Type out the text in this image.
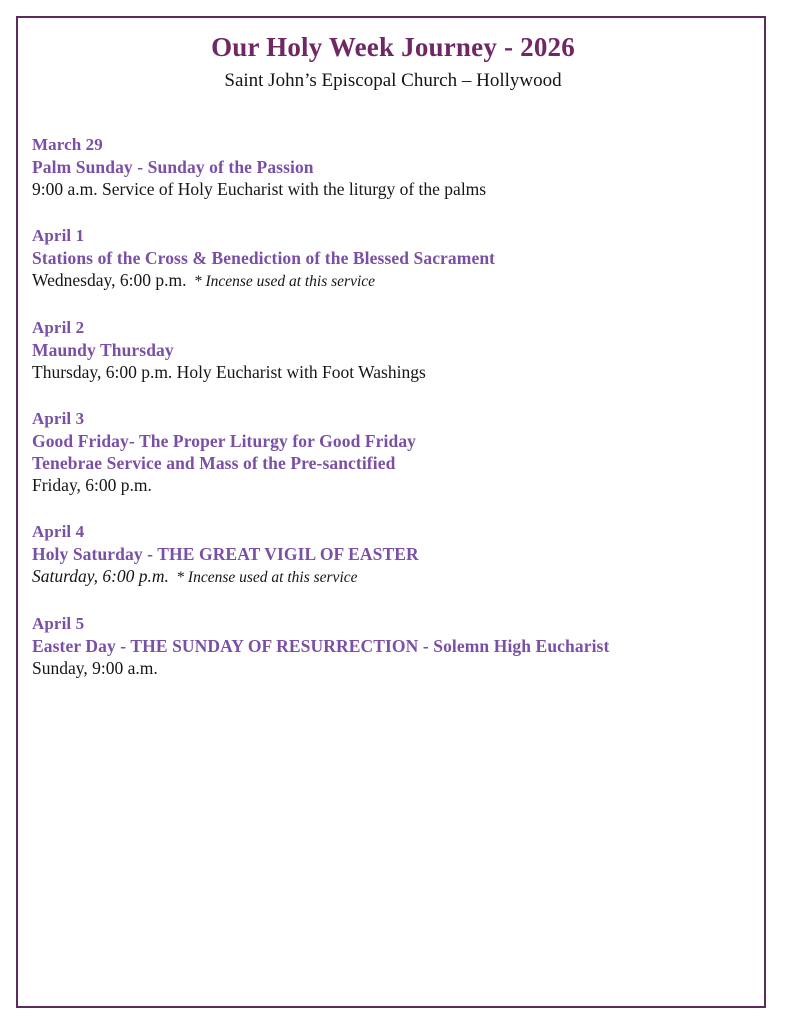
Our Holy Week Journey - 2026
Saint John’s Episcopal Church – Hollywood
March 29
Palm Sunday - Sunday of the Passion
9:00 a.m. Service of Holy Eucharist with the liturgy of the palms
April 1
Stations of the Cross & Benediction of the Blessed Sacrament
Wednesday, 6:00 p.m. * Incense used at this service
April 2
Maundy Thursday
Thursday, 6:00 p.m. Holy Eucharist with Foot Washings
April 3
Good Friday- The Proper Liturgy for Good Friday
Tenebrae Service and Mass of the Pre-sanctified
Friday, 6:00 p.m.
April 4
Holy Saturday - THE GREAT VIGIL OF EASTER
Saturday, 6:00 p.m. * Incense used at this service
April 5
Easter Day - THE SUNDAY OF RESURRECTION - Solemn High Eucharist
Sunday, 9:00 a.m.
